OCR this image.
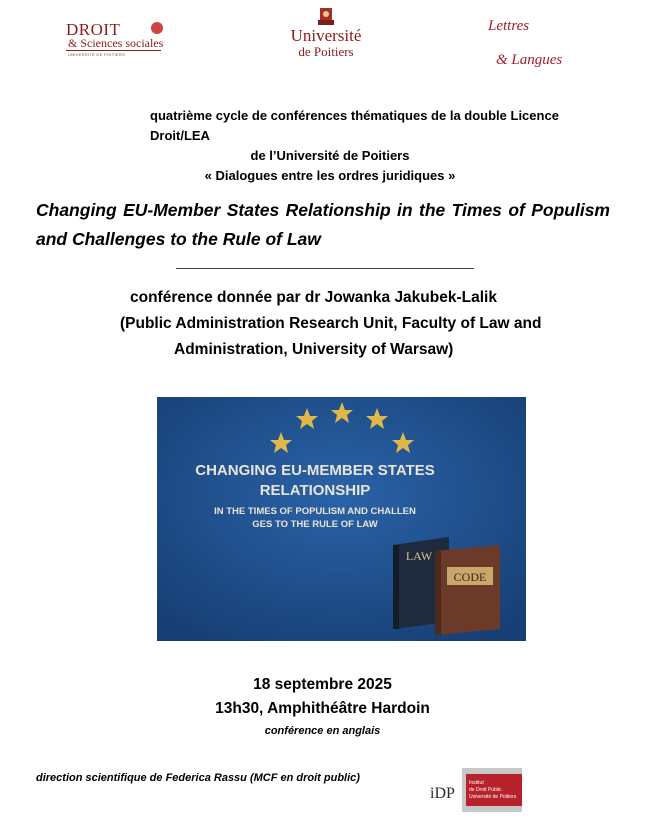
DROIT
& Sciences sociales
UNIVERSITÉ DE POITIERS
Université
de Poitiers
Lettres
& Langues
quatrième cycle de conférences thématiques de la double Licence Droit/LEA
de l’Université de Poitiers
« Dialogues entre les ordres juridiques »
Changing EU-Member States Relationship in the Times of Populism and Challenges to the Rule of Law
conférence donnée par dr Jowanka Jakubek-Lalik
(Public Administration Research Unit, Faculty of Law and
Administration, University of Warsaw)
CHANGING EU-MEMBER STATES
RELATIONSHIP
IN THE TIMES OF POPULISM AND CHALLEN
GES TO THE RULE OF LAW
LAW
CODE
18 septembre 2025
13h30, Amphithéâtre Hardoin
conférence en anglais
direction scientifique de Federica Rassu (MCF en droit public)
iDP
Institut
de Droit Public
Université de Poitiers
